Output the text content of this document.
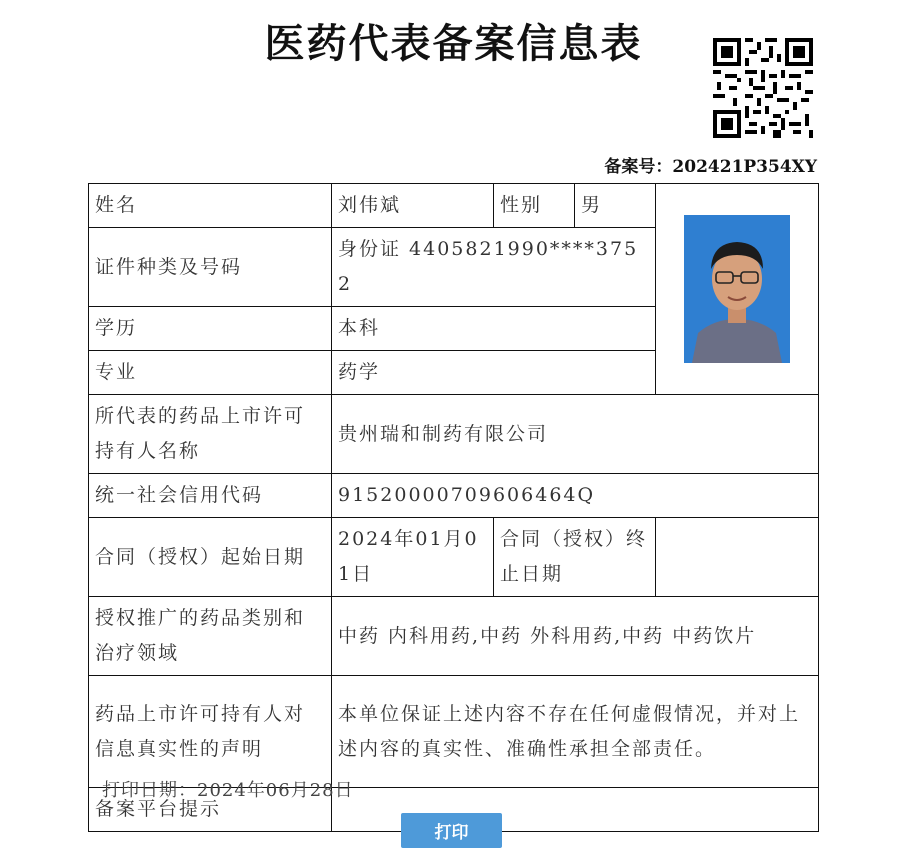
医药代表备案信息表
备案号：202421P354XY
姓名	刘伟斌	性别	男	
证件种类及号码	身份证 4405821990****3752			
学历	本科			
专业	药学			
所代表的药品上市许可持有人名称	贵州瑞和制药有限公司			
统一社会信用代码	91520000709606464Q			
合同（授权）起始日期	2024年01月01日	合同（授权）终止日期		
授权推广的药品类别和治疗领域	中药 内科用药,中药 外科用药,中药 中药饮片			
药品上市许可持有人对信息真实性的声明	本单位保证上述内容不存在任何虚假情况，并对上述内容的真实性、准确性承担全部责任。			
备案平台提示				
打印日期：2024年06月28日
打印
